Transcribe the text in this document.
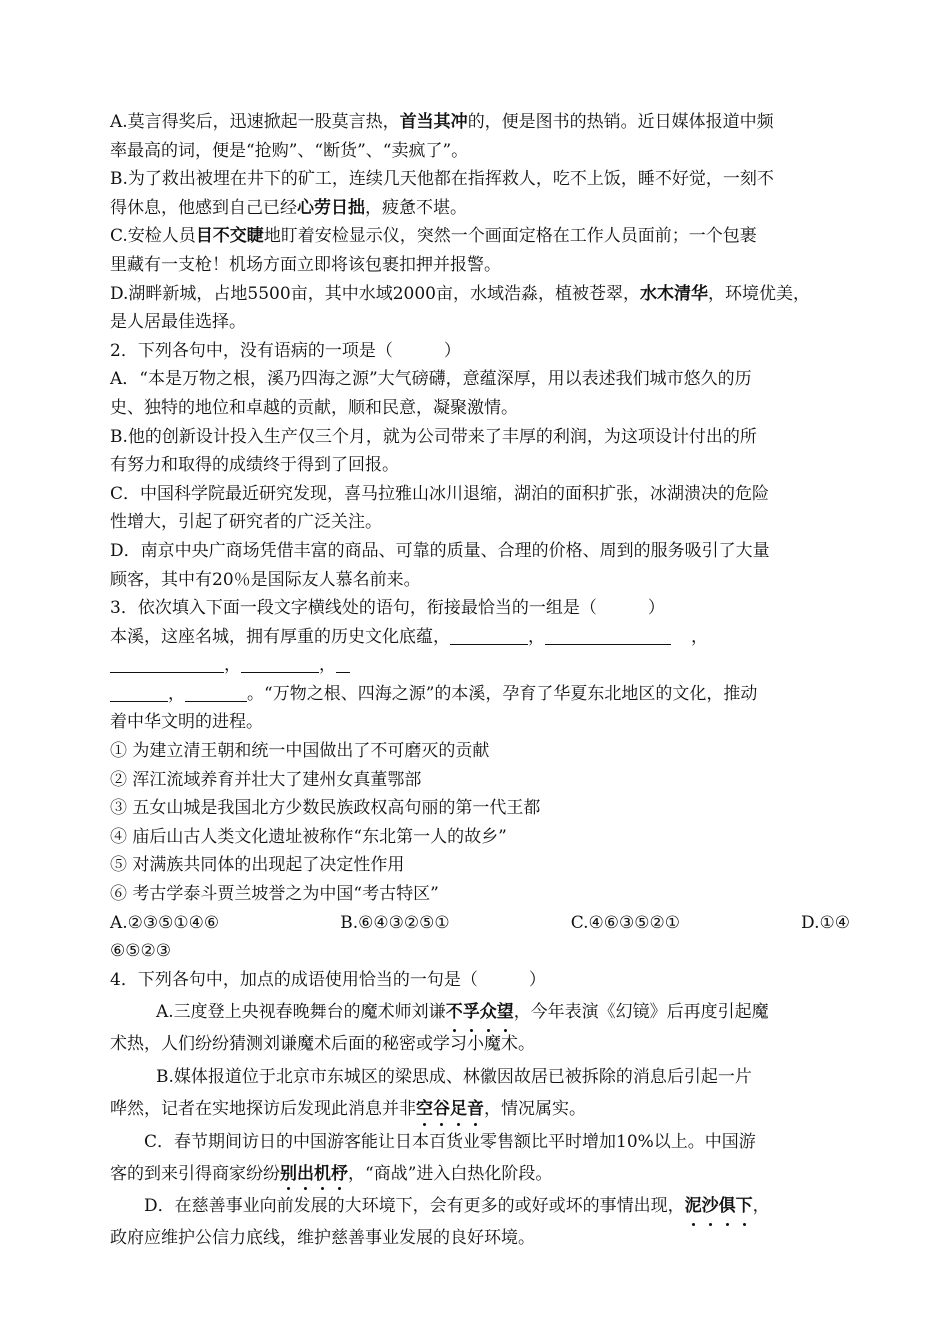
A.莫言得奖后，迅速掀起一股莫言热，首当其冲的，便是图书的热销。近日媒体报道中频
率最高的词，便是“抢购”、“断货”、“卖疯了”。
B.为了救出被埋在井下的矿工，连续几天他都在指挥救人，吃不上饭，睡不好觉，一刻不
得休息，他感到自己已经心劳日拙，疲惫不堪。
C.安检人员目不交睫地盯着安检显示仪，突然一个画面定格在工作人员面前；一个包裹
里藏有一支枪！机场方面立即将该包裹扣押并报警。
D.湖畔新城，占地5500亩，其中水域2000亩，水域浩淼，植被苍翠，水木清华，环境优美，
是人居最佳选择。
2．下列各句中，没有语病的一项是（　　　）
A．“本是万物之根，溪乃四海之源”大气磅礴，意蕴深厚，用以表述我们城市悠久的历
史、独特的地位和卓越的贡献，顺和民意，凝聚激情。
B.他的创新设计投入生产仅三个月，就为公司带来了丰厚的利润，为这项设计付出的所
有努力和取得的成绩终于得到了回报。
C．中国科学院最近研究发现，喜马拉雅山冰川退缩，湖泊的面积扩张，冰湖溃决的危险
性增大，引起了研究者的广泛关注。
D．南京中央广商场凭借丰富的商品、可靠的质量、合理的价格、周到的服务吸引了大量
顾客，其中有20％是国际友人慕名前来。
3．依次填入下面一段文字横线处的语句，衔接最恰当的一组是（　　　）
本溪，这座名城，拥有厚重的历史文化底蕴，	，	，
，	，
，	。“万物之根、四海之源”的本溪，孕育了华夏东北地区的文化，推动
着中华文明的进程。
① 为建立清王朝和统一中国做出了不可磨灭的贡献
② 浑江流域养育并壮大了建州女真董鄂部
③ 五女山城是我国北方少数民族政权高句丽的第一代王都
④ 庙后山古人类文化遗址被称作“东北第一人的故乡”
⑤ 对满族共同体的出现起了决定性作用
⑥ 考古学泰斗贾兰坡誉之为中国“考古特区”
A.②③⑤①④⑥	B.⑥④③②⑤①	C.④⑥③⑤②①	D.①④
⑥⑤②③
4．下列各句中，加点的成语使用恰当的一句是（　　　）
A.三度登上央视春晚舞台的魔术师刘谦不孚众望，今年表演《幻镜》后再度引起魔
术热，人们纷纷猜测刘谦魔术后面的秘密或学习小魔术。
B.媒体报道位于北京市东城区的梁思成、林徽因故居已被拆除的消息后引起一片
哗然，记者在实地探访后发现此消息并非空谷足音，情况属实。
C．春节期间访日的中国游客能让日本百货业零售额比平时增加10%以上。中国游
客的到来引得商家纷纷别出机杼，“商战”进入白热化阶段。
D．在慈善事业向前发展的大环境下，会有更多的或好或坏的事情出现，泥沙俱下，
政府应维护公信力底线，维护慈善事业发展的良好环境。
